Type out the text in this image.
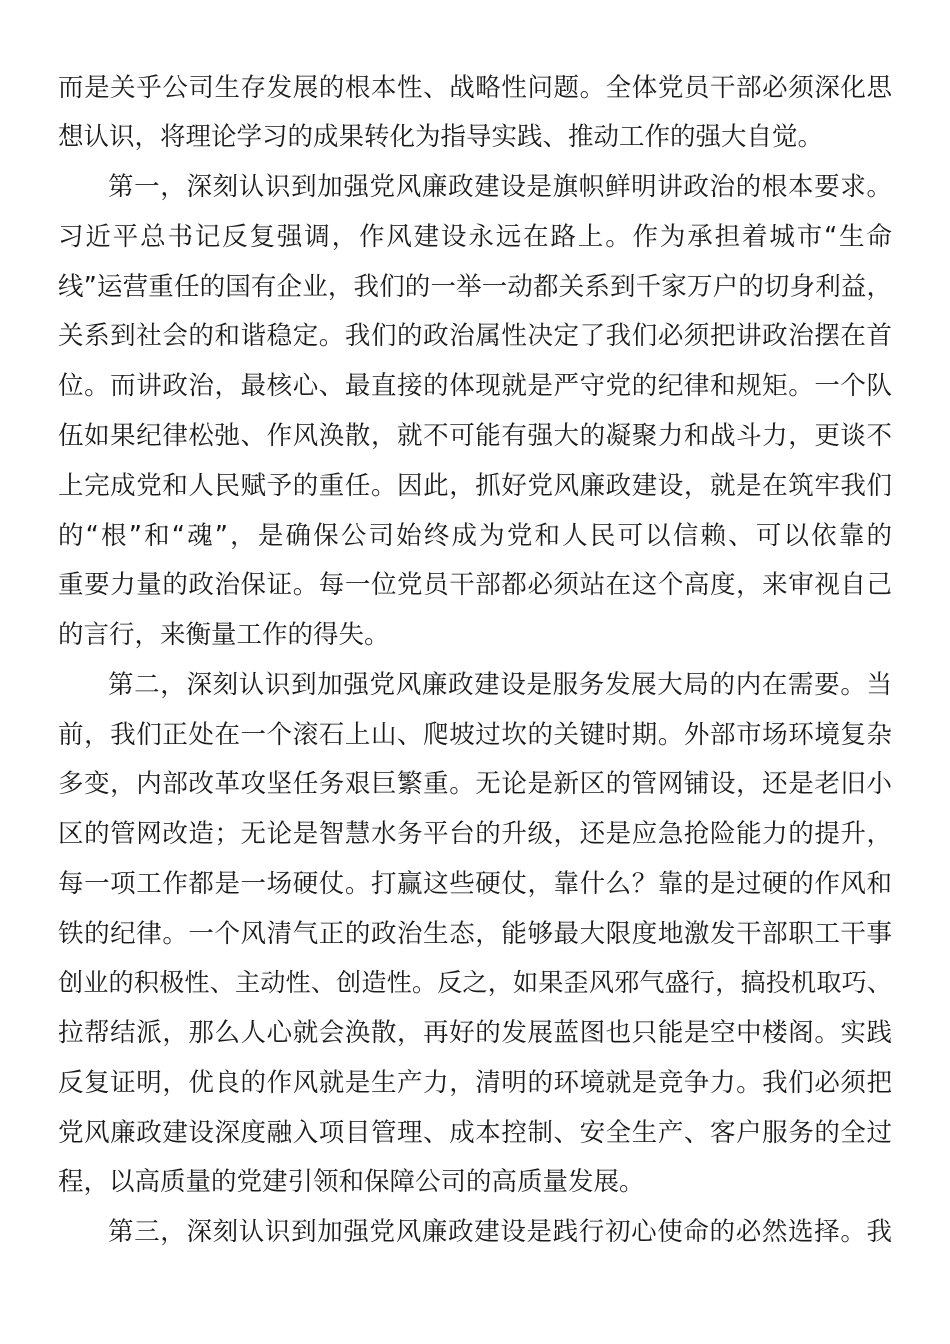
而是关乎公司生存发展的根本性、战略性问题。全体党员干部必须深化思
想认识，将理论学习的成果转化为指导实践、推动工作的强大自觉。
第一，深刻认识到加强党风廉政建设是旗帜鲜明讲政治的根本要求。
习近平总书记反复强调，作风建设永远在路上。作为承担着城市“生命
线”运营重任的国有企业，我们的一举一动都关系到千家万户的切身利益，
关系到社会的和谐稳定。我们的政治属性决定了我们必须把讲政治摆在首
位。而讲政治，最核心、最直接的体现就是严守党的纪律和规矩。一个队
伍如果纪律松弛、作风涣散，就不可能有强大的凝聚力和战斗力，更谈不
上完成党和人民赋予的重任。因此，抓好党风廉政建设，就是在筑牢我们
的“根”和“魂”，是确保公司始终成为党和人民可以信赖、可以依靠的
重要力量的政治保证。每一位党员干部都必须站在这个高度，来审视自己
的言行，来衡量工作的得失。
第二，深刻认识到加强党风廉政建设是服务发展大局的内在需要。当
前，我们正处在一个滚石上山、爬坡过坎的关键时期。外部市场环境复杂
多变，内部改革攻坚任务艰巨繁重。无论是新区的管网铺设，还是老旧小
区的管网改造；无论是智慧水务平台的升级，还是应急抢险能力的提升，
每一项工作都是一场硬仗。打赢这些硬仗，靠什么？靠的是过硬的作风和
铁的纪律。一个风清气正的政治生态，能够最大限度地激发干部职工干事
创业的积极性、主动性、创造性。反之，如果歪风邪气盛行，搞投机取巧、
拉帮结派，那么人心就会涣散，再好的发展蓝图也只能是空中楼阁。实践
反复证明，优良的作风就是生产力，清明的环境就是竞争力。我们必须把
党风廉政建设深度融入项目管理、成本控制、安全生产、客户服务的全过
程，以高质量的党建引领和保障公司的高质量发展。
第三，深刻认识到加强党风廉政建设是践行初心使命的必然选择。我
